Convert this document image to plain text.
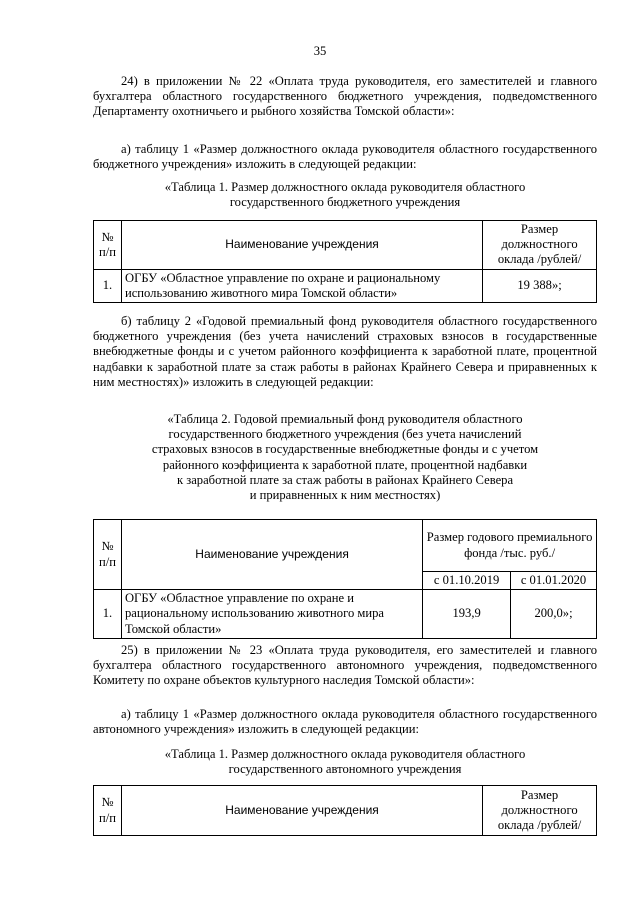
35

24) в приложении № 22 «Оплата труда руководителя, его заместителей и главного бухгалтера областного государственного бюджетного учреждения, подведомственного Департаменту охотничьего и рыбного хозяйства Томской области»:

а) таблицу 1 «Размер должностного оклада руководителя областного государственного бюджетного учреждения» изложить в следующей редакции:

«Таблица 1. Размер должностного оклада руководителя областного
государственного бюджетного учреждения

№ п/п	Наименование учреждения	Размер должностного оклада /рублей/
1.	ОГБУ «Областное управление по охране и рациональному использованию животного мира Томской области»	19 388»;

б) таблицу 2 «Годовой премиальный фонд руководителя областного государственного бюджетного учреждения (без учета начислений страховых взносов в государственные внебюджетные фонды и с учетом районного коэффициента к заработной плате, процентной надбавки к заработной плате за стаж работы в районах Крайнего Севера и приравненных к ним местностях)» изложить в следующей редакции:

«Таблица 2. Годовой премиальный фонд руководителя областного
государственного бюджетного учреждения (без учета начислений
страховых взносов в государственные внебюджетные фонды и с учетом
районного коэффициента к заработной плате, процентной надбавки
к заработной плате за стаж работы в районах Крайнего Севера
и приравненных к ним местностях)

№ п/п	Наименование учреждения	Размер годового премиального фонда /тыс. руб./	
		с 01.10.2019	с 01.01.2020
1.	ОГБУ «Областное управление по охране и рациональному использованию животного мира Томской области»	193,9	200,0»;

25) в приложении № 23 «Оплата труда руководителя, его заместителей и главного бухгалтера областного государственного автономного учреждения, подведомственного Комитету по охране объектов культурного наследия Томской области»:

а) таблицу 1 «Размер должностного оклада руководителя областного государственного автономного учреждения» изложить в следующей редакции:

«Таблица 1. Размер должностного оклада руководителя областного
государственного автономного учреждения

№ п/п	Наименование учреждения	Размер должностного оклада /рублей/
